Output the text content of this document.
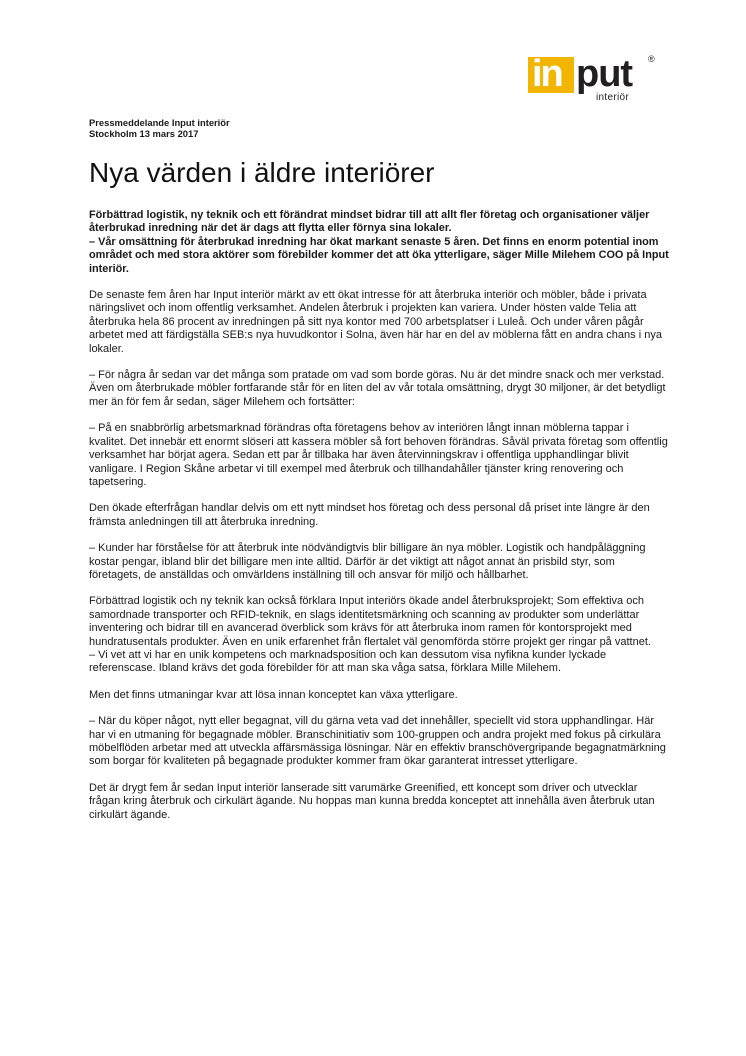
in put ®
interiör
Pressmeddelande Input interiör
Stockholm 13 mars 2017
Nya värden i äldre interiörer

Förbättrad logistik, ny teknik och ett förändrat mindset bidrar till att allt fler företag och organisationer väljer återbrukad inredning när det är dags att flytta eller förnya sina lokaler.
– Vår omsättning för återbrukad inredning har ökat markant senaste 5 åren. Det finns en enorm potential inom området och med stora aktörer som förebilder kommer det att öka ytterligare, säger Mille Milehem COO på Input interiör.

De senaste fem åren har Input interiör märkt av ett ökat intresse för att återbruka interiör och möbler, både i privata näringslivet och inom offentlig verksamhet. Andelen återbruk i projekten kan variera. Under hösten valde Telia att återbruka hela 86 procent av inredningen på sitt nya kontor med 700 arbetsplatser i Luleå. Och under våren pågår arbetet med att färdigställa SEB:s nya huvudkontor i Solna, även här har en del av möblerna fått en andra chans i nya lokaler.

– För några år sedan var det många som pratade om vad som borde göras. Nu är det mindre snack och mer verkstad. Även om återbrukade möbler fortfarande står för en liten del av vår totala omsättning, drygt 30 miljoner, är det betydligt mer än för fem år sedan, säger Milehem och fortsätter:

– På en snabbrörlig arbetsmarknad förändras ofta företagens behov av interiören långt innan möblerna tappar i kvalitet. Det innebär ett enormt slöseri att kassera möbler så fort behoven förändras. Såväl privata företag som offentlig verksamhet har börjat agera. Sedan ett par år tillbaka har även återvinningskrav i offentliga upphandlingar blivit vanligare. I Region Skåne arbetar vi till exempel med återbruk och tillhandahåller tjänster kring renovering och tapetsering.

Den ökade efterfrågan handlar delvis om ett nytt mindset hos företag och dess personal då priset inte längre är den främsta anledningen till att återbruka inredning.

– Kunder har förståelse för att återbruk inte nödvändigtvis blir billigare än nya möbler. Logistik och handpåläggning kostar pengar, ibland blir det billigare men inte alltid. Därför är det viktigt att något annat än prisbild styr, som företagets, de anställdas och omvärldens inställning till och ansvar för miljö och hållbarhet.

Förbättrad logistik och ny teknik kan också förklara Input interiörs ökade andel återbruksprojekt; Som effektiva och samordnade transporter och RFID-teknik, en slags identitetsmärkning och scanning av produkter som underlättar inventering och bidrar till en avancerad överblick som krävs för att återbruka inom ramen för kontorsprojekt med hundratusentals produkter. Även en unik erfarenhet från flertalet väl genomförda större projekt ger ringar på vattnet.

– Vi vet att vi har en unik kompetens och marknadsposition och kan dessutom visa nyfikna kunder lyckade referenscase. Ibland krävs det goda förebilder för att man ska våga satsa, förklara Mille Milehem.

Men det finns utmaningar kvar att lösa innan konceptet kan växa ytterligare.

– När du köper något, nytt eller begagnat, vill du gärna veta vad det innehåller, speciellt vid stora upphandlingar. Här har vi en utmaning för begagnade möbler. Branschinitiativ som 100-gruppen och andra projekt med fokus på cirkulära möbelflöden arbetar med att utveckla affärsmässiga lösningar. När en effektiv branschövergripande begagnatmärkning som borgar för kvaliteten på begagnade produkter kommer fram ökar garanterat intresset ytterligare.

Det är drygt fem år sedan Input interiör lanserade sitt varumärke Greenified, ett koncept som driver och utvecklar frågan kring återbruk och cirkulärt ägande. Nu hoppas man kunna bredda konceptet att innehålla även återbruk utan cirkulärt ägande.
